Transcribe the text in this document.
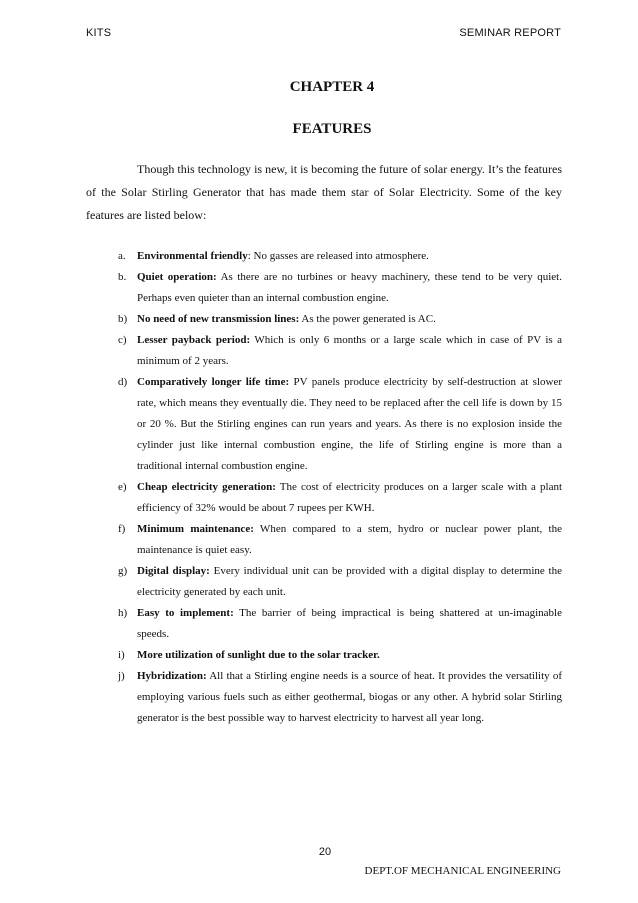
KITS	SEMINAR REPORT
CHAPTER 4
FEATURES

Though this technology is new, it is becoming the future of solar energy. It’s the features of the Solar Stirling Generator that has made them star of Solar Electricity. Some of the key features are listed below:

a. Environmental friendly: No gasses are released into atmosphere.
b. Quiet operation: As there are no turbines or heavy machinery, these tend to be very quiet. Perhaps even quieter than an internal combustion engine.
b) No need of new transmission lines: As the power generated is AC.
c) Lesser payback period: Which is only 6 months or a large scale which in case of PV is a minimum of 2 years.
d) Comparatively longer life time: PV panels produce electricity by self-destruction at slower rate, which means they eventually die. They need to be replaced after the cell life is down by 15 or 20 %. But the Stirling engines can run years and years. As there is no explosion inside the cylinder just like internal combustion engine, the life of Stirling engine is more than a traditional internal combustion engine.
e) Cheap electricity generation: The cost of electricity produces on a larger scale with a plant efficiency of 32% would be about 7 rupees per KWH.
f) Minimum maintenance: When compared to a stem, hydro or nuclear power plant, the maintenance is quiet easy.
g) Digital display: Every individual unit can be provided with a digital display to determine the electricity generated by each unit.
h) Easy to implement: The barrier of being impractical is being shattered at un-imaginable speeds.
i) More utilization of sunlight due to the solar tracker.
j) Hybridization: All that a Stirling engine needs is a source of heat. It provides the versatility of employing various fuels such as either geothermal, biogas or any other. A hybrid solar Stirling generator is the best possible way to harvest electricity to harvest all year long.
20
DEPT.OF MECHANICAL ENGINEERING
